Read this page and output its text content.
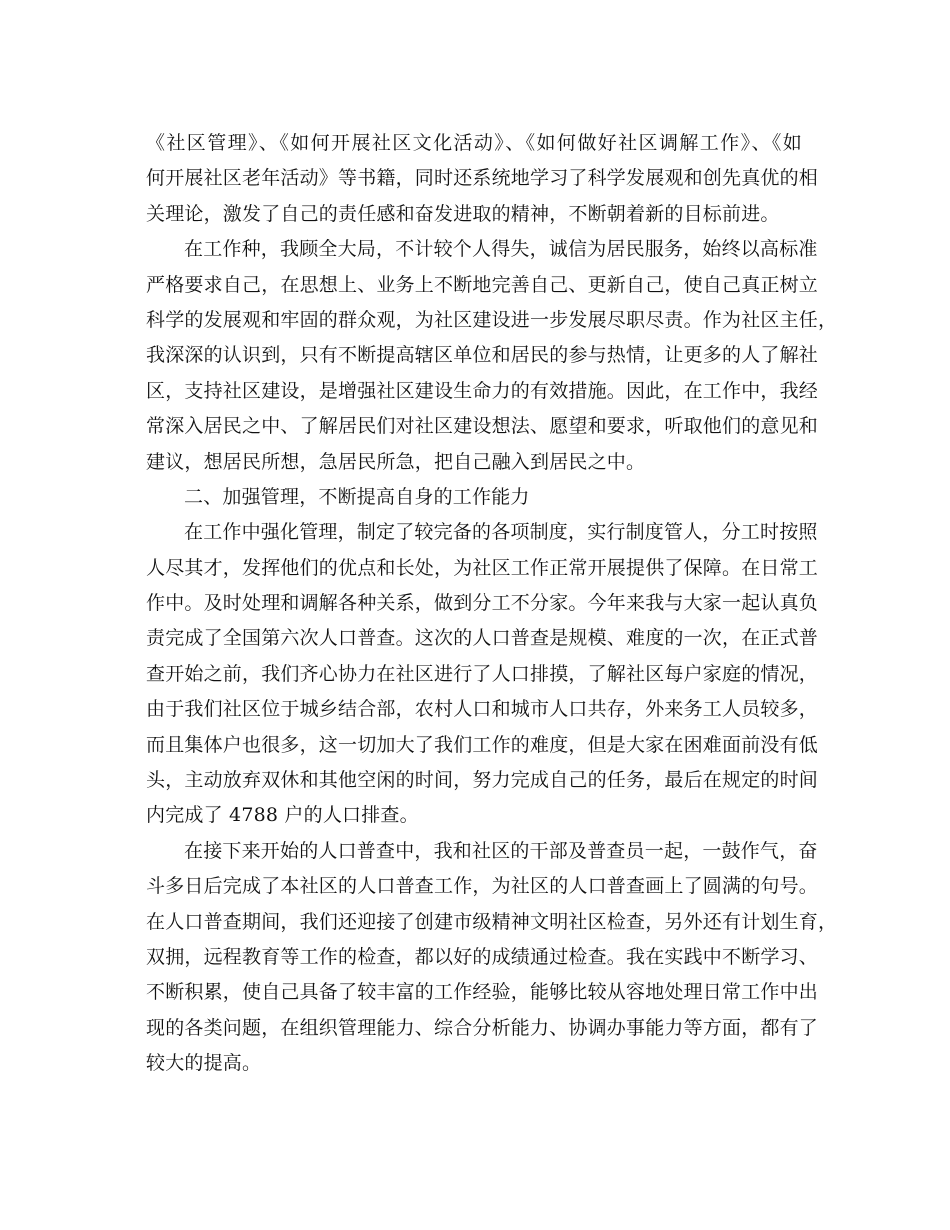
《社区管理》、《如何开展社区文化活动》、《如何做好社区调解工作》、《如
何开展社区老年活动》等书籍，同时还系统地学习了科学发展观和创先真优的相
关理论，激发了自己的责任感和奋发进取的精神，不断朝着新的目标前进。
在工作种，我顾全大局，不计较个人得失，诚信为居民服务，始终以高标准
严格要求自己，在思想上、业务上不断地完善自己、更新自己，使自己真正树立
科学的发展观和牢固的群众观，为社区建设进一步发展尽职尽责。作为社区主任，
我深深的认识到，只有不断提高辖区单位和居民的参与热情，让更多的人了解社
区，支持社区建设，是增强社区建设生命力的有效措施。因此，在工作中，我经
常深入居民之中、了解居民们对社区建设想法、愿望和要求，听取他们的意见和
建议，想居民所想，急居民所急，把自己融入到居民之中。
二、加强管理，不断提高自身的工作能力
在工作中强化管理，制定了较完备的各项制度，实行制度管人，分工时按照
人尽其才，发挥他们的优点和长处，为社区工作正常开展提供了保障。在日常工
作中。及时处理和调解各种关系，做到分工不分家。今年来我与大家一起认真负
责完成了全国第六次人口普查。这次的人口普查是规模、难度的一次，在正式普
查开始之前，我们齐心协力在社区进行了人口排摸，了解社区每户家庭的情况，
由于我们社区位于城乡结合部，农村人口和城市人口共存，外来务工人员较多，
而且集体户也很多，这一切加大了我们工作的难度，但是大家在困难面前没有低
头，主动放弃双休和其他空闲的时间，努力完成自己的任务，最后在规定的时间
内完成了 4788 户的人口排查。
在接下来开始的人口普查中，我和社区的干部及普查员一起，一鼓作气，奋
斗多日后完成了本社区的人口普查工作，为社区的人口普查画上了圆满的句号。
在人口普查期间，我们还迎接了创建市级精神文明社区检查，另外还有计划生育，
双拥，远程教育等工作的检查，都以好的成绩通过检查。我在实践中不断学习、
不断积累，使自己具备了较丰富的工作经验，能够比较从容地处理日常工作中出
现的各类问题，在组织管理能力、综合分析能力、协调办事能力等方面，都有了
较大的提高。
